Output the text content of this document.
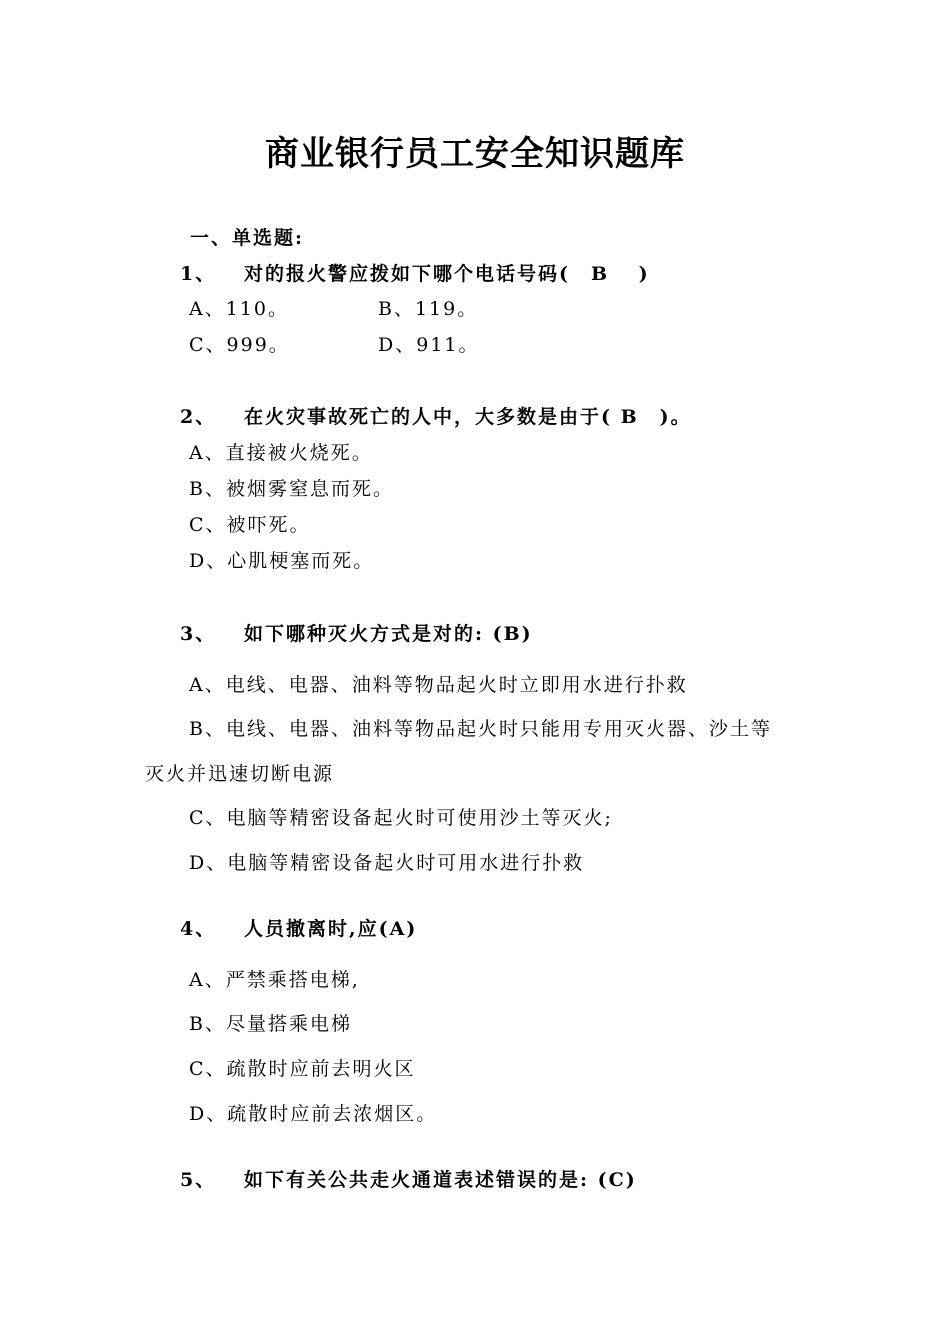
商业银行员工安全知识题库
一、单选题:
1、 对的报火警应拨如下哪个电话号码(　B　 )
A、110。	B、119。
C、999。	D、911。
2、 在火灾事故死亡的人中，大多数是由于( B　)。
A、直接被火烧死。
B、被烟雾窒息而死。
C、被吓死。
D、心肌梗塞而死。
3、 如下哪种灭火方式是对的: (B)
A、电线、电器、油料等物品起火时立即用水进行扑救
B、电线、电器、油料等物品起火时只能用专用灭火器、沙土等
灭火并迅速切断电源
C、电脑等精密设备起火时可使用沙土等灭火;
D、电脑等精密设备起火时可用水进行扑救
4、 人员撤离时,应(A)
A、严禁乘搭电梯,
B、尽量搭乘电梯
C、疏散时应前去明火区
D、疏散时应前去浓烟区。
5、 如下有关公共走火通道表述错误的是: (C)
